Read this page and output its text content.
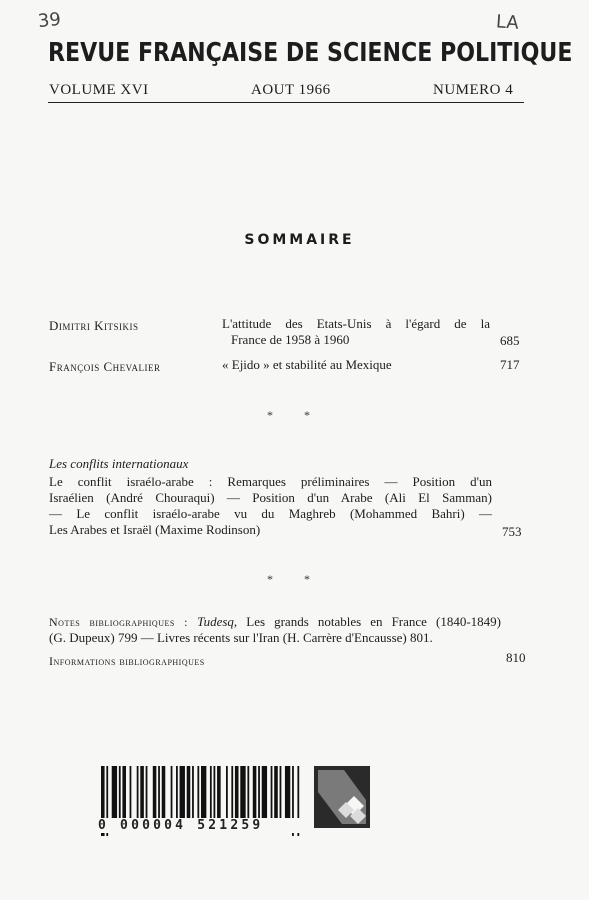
39	LA
REVUE FRANÇAISE DE SCIENCE POLITIQUE
VOLUME XVI	AOUT 1966	NUMERO 4
SOMMAIRE
Dimitri Kitsikis	L'attitude des Etats-Unis à l'égard de la
France de 1958 à 1960	685
François Chevalier	« Ejido » et stabilité au Mexique	717
* *
Les conflits internationaux
Le conflit israélo-arabe : Remarques préliminaires — Position d'un
Israélien (André Chouraqui) — Position d'un Arabe (Ali El Samman)
— Le conflit israélo-arabe vu du Maghreb (Mohammed Bahri) —
Les Arabes et Israël (Maxime Rodinson)	753
* *
Notes bibliographiques : Tudesq, Les grands notables en France (1840-1849)
(G. Dupeux) 799 — Livres récents sur l'Iran (H. Carrère d'Encausse) 801.
Informations bibliographiques	810
0 000004 521259
